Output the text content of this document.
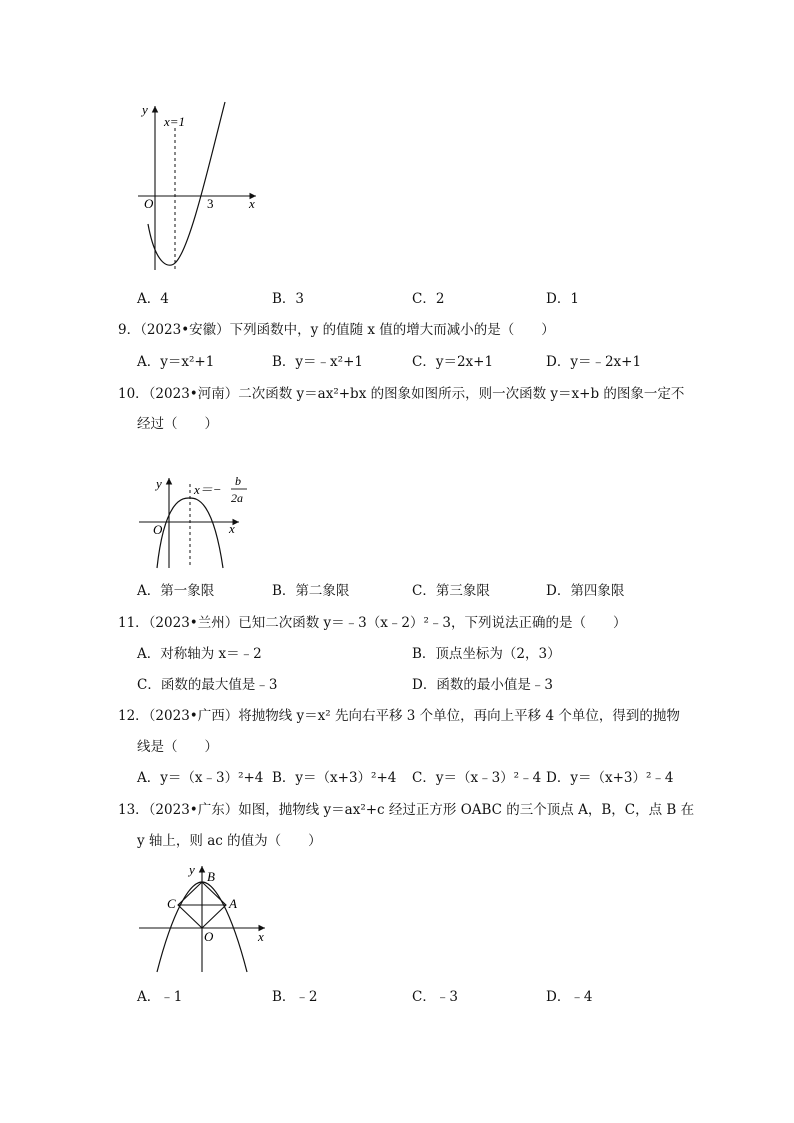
y
x=1
O	3	x
A．4	B．3	C．2	D．1
9．（2023•安徽）下列函数中，y 的值随 x 值的增大而减小的是（　　）
A．y＝x²+1	B．y＝﹣x²+1	C．y＝2x+1	D．y＝﹣2x+1
10．（2023•河南）二次函数 y＝ax²+bx 的图象如图所示，则一次函数 y＝x+b 的图象一定不
经过（　　）
y x＝−
b
2a
O	x
A．第一象限	B．第二象限	C．第三象限	D．第四象限
11．（2023•兰州）已知二次函数 y＝﹣3（x﹣2）²﹣3，下列说法正确的是（　　）
A．对称轴为 x＝﹣2	B．顶点坐标为（2，3）
C．函数的最大值是﹣3	D．函数的最小值是﹣3
12．（2023•广西）将抛物线 y＝x² 先向右平移 3 个单位，再向上平移 4 个单位，得到的抛物
线是（　　）
A．y＝（x﹣3）²+4 B．y＝（x+3）²+4 C．y＝（x﹣3）²﹣4 D．y＝（x+3）²﹣4
13．（2023•广东）如图，抛物线 y＝ax²+c 经过正方形 OABC 的三个顶点 A，B，C，点 B 在
y 轴上，则 ac 的值为（　　）
y B
C	A
O	x
A．﹣1	B．﹣2	C．﹣3	D．﹣4
